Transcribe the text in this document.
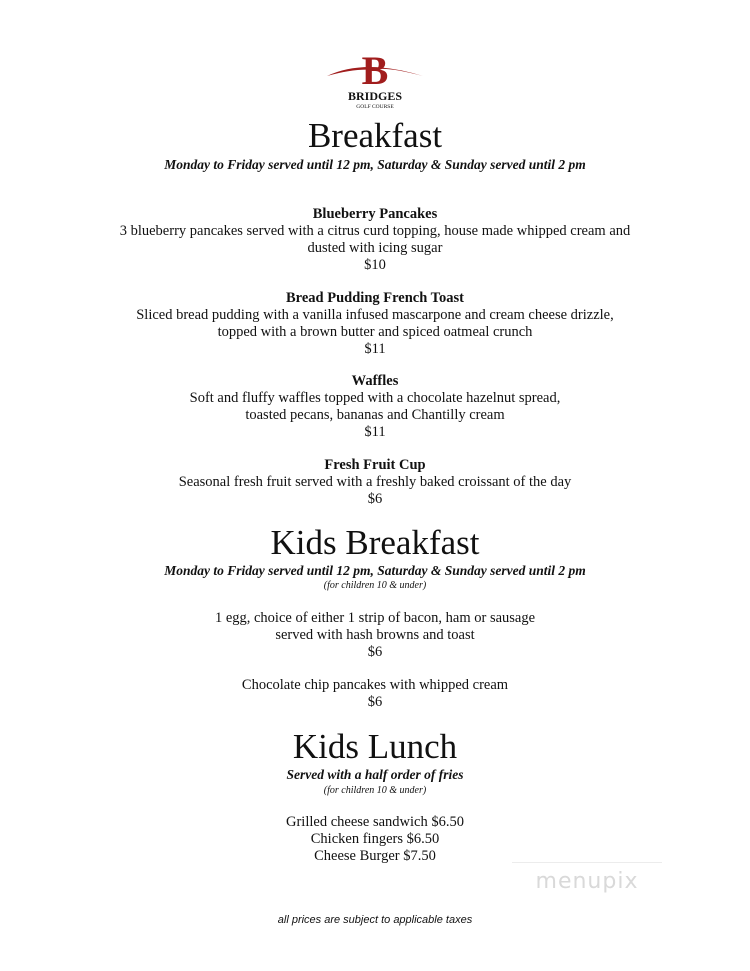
B
BRIDGES
GOLF COURSE
Breakfast
Monday to Friday served until 12 pm, Saturday & Sunday served until 2 pm
Blueberry Pancakes
3 blueberry pancakes served with a citrus curd topping, house made whipped cream and
dusted with icing sugar
$10
Bread Pudding French Toast
Sliced bread pudding with a vanilla infused mascarpone and cream cheese drizzle,
topped with a brown butter and spiced oatmeal crunch
$11
Waffles
Soft and fluffy waffles topped with a chocolate hazelnut spread,
toasted pecans, bananas and Chantilly cream
$11
Fresh Fruit Cup
Seasonal fresh fruit served with a freshly baked croissant of the day
$6
Kids Breakfast
Monday to Friday served until 12 pm, Saturday & Sunday served until 2 pm
(for children 10 & under)
1 egg, choice of either 1 strip of bacon, ham or sausage
served with hash browns and toast
$6
Chocolate chip pancakes with whipped cream
$6
Kids Lunch
Served with a half order of fries
(for children 10 & under)
Grilled cheese sandwich $6.50
Chicken fingers $6.50
Cheese Burger $7.50
menupix
all prices are subject to applicable taxes
